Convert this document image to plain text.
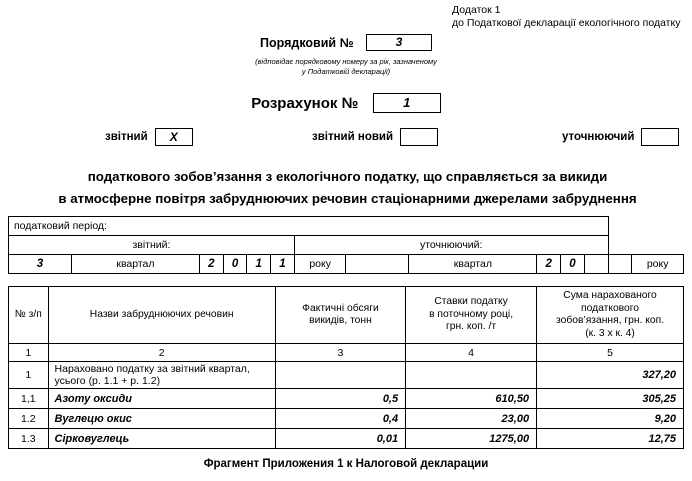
Додаток 1
до Податкової декларації екологічного податку
Порядковий №	3
(відповідає порядковому номеру за рік, зазначеному
у Податковій декларації)
Розрахунок №	1
звітний X	звітний новий	уточнюючий
податкового зобов’язання з екологічного податку, що справляється за викиди
в атмосферне повітря забруднюючих речовин стаціонарними джерелами забруднення
податковий період:													
звітний:						уточнюючий:							
3	квартал	2	0	1	1	року		квартал	2	0			року
№ з/п	Назви забруднюючих речовин	Фактичні обсяги
викидів, тонн	Ставки податку
в поточному році,
грн. коп. /т	Сума нарахованого
податкового
зобов’язання, грн. коп.
(к. 3 х к. 4)
1	2	3	4	5
1	Нараховано податку за звітний квартал, усього (р. 1.1 + р. 1.2)			327,20
1,1	Азоту оксиди	0,5	610,50	305,25
1.2	Вуглецю окис	0,4	23,00	9,20
1.3	Сірковуглець	0,01	1275,00	12,75
Фрагмент Приложения 1 к Налоговой декларации
